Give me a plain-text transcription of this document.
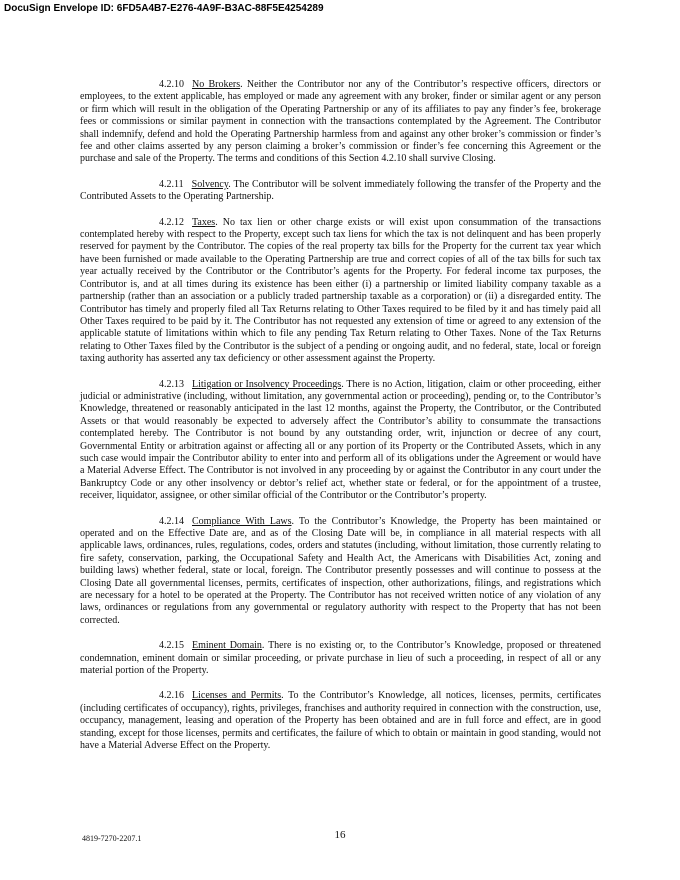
DocuSign Envelope ID: 6FD5A4B7-E276-4A9F-B3AC-88F5E4254289

4.2.10 No Brokers. Neither the Contributor nor any of the Contributor’s respective officers, directors or employees, to the extent applicable, has employed or made any agreement with any broker, finder or similar agent or any person or firm which will result in the obligation of the Operating Partnership or any of its affiliates to pay any finder’s fee, brokerage fees or commissions or similar payment in connection with the transactions contemplated by the Agreement. The Contributor shall indemnify, defend and hold the Operating Partnership harmless from and against any other broker’s commission or finder’s fee and other claims asserted by any person claiming a broker’s commission or finder’s fee concerning this Agreement or the purchase and sale of the Property. The terms and conditions of this Section 4.2.10 shall survive Closing.

4.2.11 Solvency. The Contributor will be solvent immediately following the transfer of the Property and the Contributed Assets to the Operating Partnership.

4.2.12 Taxes. No tax lien or other charge exists or will exist upon consummation of the transactions contemplated hereby with respect to the Property, except such tax liens for which the tax is not delinquent and has been properly reserved for payment by the Contributor. The copies of the real property tax bills for the Property for the current tax year which have been furnished or made available to the Operating Partnership are true and correct copies of all of the tax bills for such tax year actually received by the Contributor or the Contributor’s agents for the Property. For federal income tax purposes, the Contributor is, and at all times during its existence has been either (i) a partnership or limited liability company taxable as a partnership (rather than an association or a publicly traded partnership taxable as a corporation) or (ii) a disregarded entity. The Contributor has timely and properly filed all Tax Returns relating to Other Taxes required to be filed by it and has timely paid all Other Taxes required to be paid by it. The Contributor has not requested any extension of time or agreed to any extension of the applicable statute of limitations within which to file any pending Tax Return relating to Other Taxes. None of the Tax Returns relating to Other Taxes filed by the Contributor is the subject of a pending or ongoing audit, and no federal, state, local or foreign taxing authority has asserted any tax deficiency or other assessment against the Property.

4.2.13 Litigation or Insolvency Proceedings. There is no Action, litigation, claim or other proceeding, either judicial or administrative (including, without limitation, any governmental action or proceeding), pending or, to the Contributor’s Knowledge, threatened or reasonably anticipated in the last 12 months, against the Property, the Contributor, or the Contributed Assets or that would reasonably be expected to adversely affect the Contributor’s ability to consummate the transactions contemplated hereby. The Contributor is not bound by any outstanding order, writ, injunction or decree of any court, Governmental Entity or arbitration against or affecting all or any portion of its Property or the Contributed Assets, which in any such case would impair the Contributor ability to enter into and perform all of its obligations under the Agreement or would have a Material Adverse Effect. The Contributor is not involved in any proceeding by or against the Contributor in any court under the Bankruptcy Code or any other insolvency or debtor’s relief act, whether state or federal, or for the appointment of a trustee, receiver, liquidator, assignee, or other similar official of the Contributor or the Contributor’s property.

4.2.14 Compliance With Laws. To the Contributor’s Knowledge, the Property has been maintained or operated and on the Effective Date are, and as of the Closing Date will be, in compliance in all material respects with all applicable laws, ordinances, rules, regulations, codes, orders and statutes (including, without limitation, those currently relating to fire safety, conservation, parking, the Occupational Safety and Health Act, the Americans with Disabilities Act, zoning and building laws) whether federal, state or local, foreign. The Contributor presently possesses and will continue to possess at the Closing Date all governmental licenses, permits, certificates of inspection, other authorizations, filings, and registrations which are necessary for a hotel to be operated at the Property. The Contributor has not received written notice of any violation of any laws, ordinances or regulations from any governmental or regulatory authority with respect to the Property that has not been corrected.

4.2.15 Eminent Domain. There is no existing or, to the Contributor’s Knowledge, proposed or threatened condemnation, eminent domain or similar proceeding, or private purchase in lieu of such a proceeding, in respect of all or any material portion of the Property.

4.2.16 Licenses and Permits. To the Contributor’s Knowledge, all notices, licenses, permits, certificates (including certificates of occupancy), rights, privileges, franchises and authority required in connection with the construction, use, occupancy, management, leasing and operation of the Property has been obtained and are in full force and effect, are in good standing, except for those licenses, permits and certificates, the failure of which to obtain or maintain in good standing, would not have a Material Adverse Effect on the Property.

4819-7270-2207.1	16
